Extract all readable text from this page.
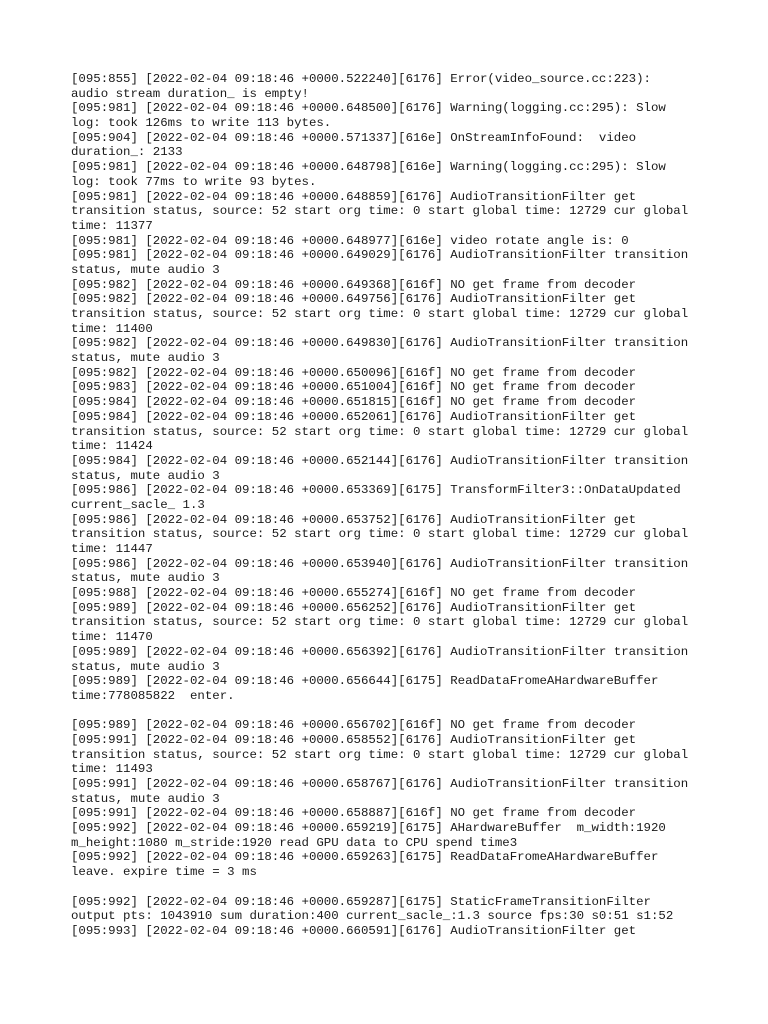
[095:855] [2022-02-04 09:18:46 +0000.522240][6176] Error(video_source.cc:223):
audio stream duration_ is empty!
[095:981] [2022-02-04 09:18:46 +0000.648500][6176] Warning(logging.cc:295): Slow
log: took 126ms to write 113 bytes.
[095:904] [2022-02-04 09:18:46 +0000.571337][616e] OnStreamInfoFound:  video
duration_: 2133
[095:981] [2022-02-04 09:18:46 +0000.648798][616e] Warning(logging.cc:295): Slow
log: took 77ms to write 93 bytes.
[095:981] [2022-02-04 09:18:46 +0000.648859][6176] AudioTransitionFilter get
transition status, source: 52 start org time: 0 start global time: 12729 cur global
time: 11377
[095:981] [2022-02-04 09:18:46 +0000.648977][616e] video rotate angle is: 0
[095:981] [2022-02-04 09:18:46 +0000.649029][6176] AudioTransitionFilter transition
status, mute audio 3
[095:982] [2022-02-04 09:18:46 +0000.649368][616f] NO get frame from decoder
[095:982] [2022-02-04 09:18:46 +0000.649756][6176] AudioTransitionFilter get
transition status, source: 52 start org time: 0 start global time: 12729 cur global
time: 11400
[095:982] [2022-02-04 09:18:46 +0000.649830][6176] AudioTransitionFilter transition
status, mute audio 3
[095:982] [2022-02-04 09:18:46 +0000.650096][616f] NO get frame from decoder
[095:983] [2022-02-04 09:18:46 +0000.651004][616f] NO get frame from decoder
[095:984] [2022-02-04 09:18:46 +0000.651815][616f] NO get frame from decoder
[095:984] [2022-02-04 09:18:46 +0000.652061][6176] AudioTransitionFilter get
transition status, source: 52 start org time: 0 start global time: 12729 cur global
time: 11424
[095:984] [2022-02-04 09:18:46 +0000.652144][6176] AudioTransitionFilter transition
status, mute audio 3
[095:986] [2022-02-04 09:18:46 +0000.653369][6175] TransformFilter3::OnDataUpdated
current_sacle_ 1.3
[095:986] [2022-02-04 09:18:46 +0000.653752][6176] AudioTransitionFilter get
transition status, source: 52 start org time: 0 start global time: 12729 cur global
time: 11447
[095:986] [2022-02-04 09:18:46 +0000.653940][6176] AudioTransitionFilter transition
status, mute audio 3
[095:988] [2022-02-04 09:18:46 +0000.655274][616f] NO get frame from decoder
[095:989] [2022-02-04 09:18:46 +0000.656252][6176] AudioTransitionFilter get
transition status, source: 52 start org time: 0 start global time: 12729 cur global
time: 11470
[095:989] [2022-02-04 09:18:46 +0000.656392][6176] AudioTransitionFilter transition
status, mute audio 3
[095:989] [2022-02-04 09:18:46 +0000.656644][6175] ReadDataFromeAHardwareBuffer
time:778085822  enter.
[095:989] [2022-02-04 09:18:46 +0000.656702][616f] NO get frame from decoder
[095:991] [2022-02-04 09:18:46 +0000.658552][6176] AudioTransitionFilter get
transition status, source: 52 start org time: 0 start global time: 12729 cur global
time: 11493
[095:991] [2022-02-04 09:18:46 +0000.658767][6176] AudioTransitionFilter transition
status, mute audio 3
[095:991] [2022-02-04 09:18:46 +0000.658887][616f] NO get frame from decoder
[095:992] [2022-02-04 09:18:46 +0000.659219][6175] AHardwareBuffer  m_width:1920
m_height:1080 m_stride:1920 read GPU data to CPU spend time3
[095:992] [2022-02-04 09:18:46 +0000.659263][6175] ReadDataFromeAHardwareBuffer
leave. expire time = 3 ms
[095:992] [2022-02-04 09:18:46 +0000.659287][6175] StaticFrameTransitionFilter
output pts: 1043910 sum duration:400 current_sacle_:1.3 source fps:30 s0:51 s1:52
[095:993] [2022-02-04 09:18:46 +0000.660591][6176] AudioTransitionFilter get
